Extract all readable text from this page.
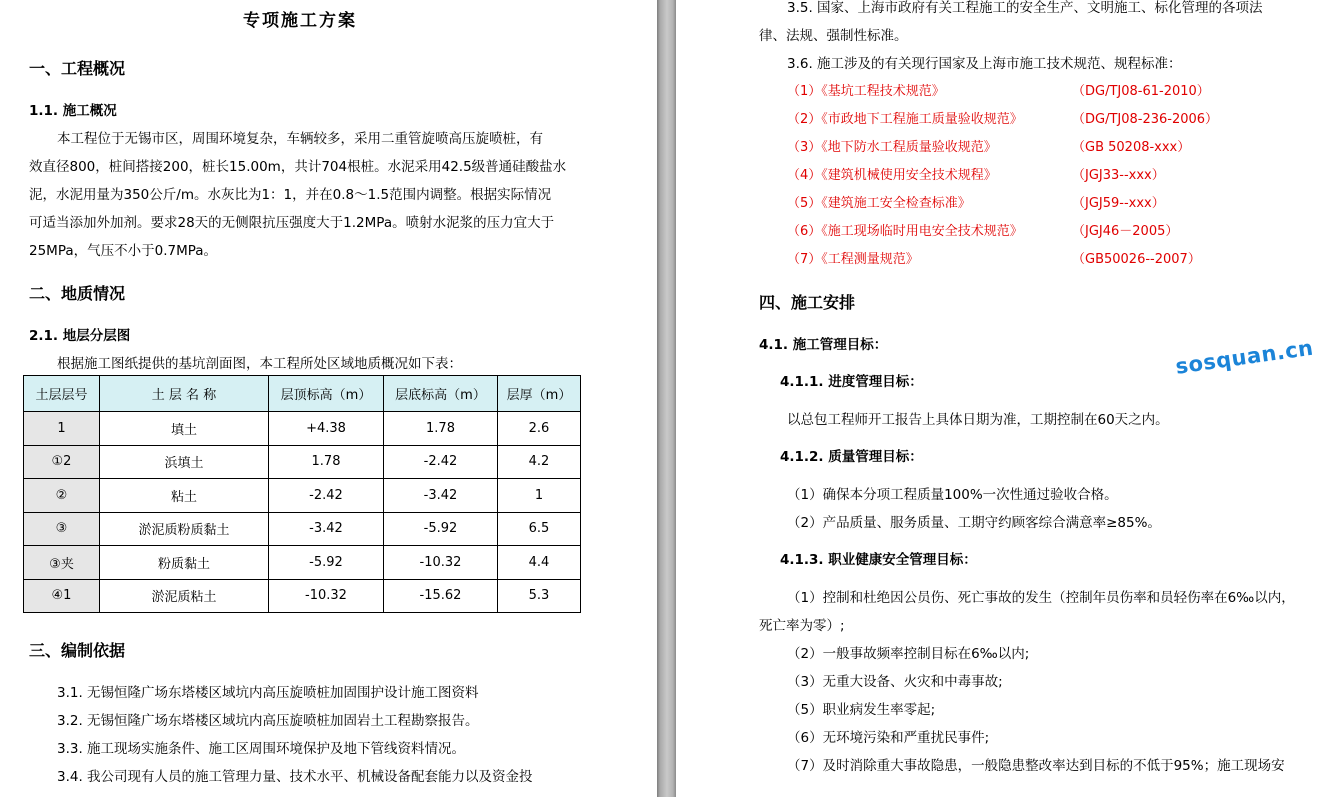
专项施工方案
一、工程概况
1.1. 施工概况
本工程位于无锡市区，周围环境复杂，车辆较多，采用二重管旋喷高压旋喷桩，有
效直径800，桩间搭接200，桩长15.00m，共计704根桩。水泥采用42.5级普通硅酸盐水
泥，水泥用量为350公斤/m。水灰比为1：1，并在0.8～1.5范围内调整。根据实际情况
可适当添加外加剂。要求28天的无侧限抗压强度大于1.2MPa。喷射水泥浆的压力宜大于
25MPa，气压不小于0.7MPa。
二、地质情况
2.1. 地层分层图
根据施工图纸提供的基坑剖面图，本工程所处区域地质概况如下表：
土层层号	土 层 名 称	层顶标高（m）	层底标高（m）	层厚（m）
1	填土	+4.38	1.78	2.6
①2	浜填土	1.78	-2.42	4.2
②	粘土	-2.42	-3.42	1
③	淤泥质粉质黏土	-3.42	-5.92	6.5
③夹	粉质黏土	-5.92	-10.32	4.4
④1	淤泥质粘土	-10.32	-15.62	5.3
三、编制依据
3.1. 无锡恒隆广场东塔楼区域坑内高压旋喷桩加固围护设计施工图资料
3.2. 无锡恒隆广场东塔楼区域坑内高压旋喷桩加固岩土工程勘察报告。
3.3. 施工现场实施条件、施工区周围环境保护及地下管线资料情况。
3.4. 我公司现有人员的施工管理力量、技术水平、机械设备配套能力以及资金投
3.5. 国家、上海市政府有关工程施工的安全生产、文明施工、标化管理的各项法
律、法规、强制性标准。
3.6. 施工涉及的有关现行国家及上海市施工技术规范、规程标准：
（1）《基坑工程技术规范》	（DG/TJ08-61-2010）
（2）《市政地下工程施工质量验收规范》	（DG/TJ08-236-2006）
（3）《地下防水工程质量验收规范》	（GB 50208-xxx）
（4）《建筑机械使用安全技术规程》	（JGJ33--xxx）
（5）《建筑施工安全检查标准》	（JGJ59--xxx）
（6）《施工现场临时用电安全技术规范》	（JGJ46－2005）
（7）《工程测量规范》	（GB50026--2007）
四、施工安排
4.1. 施工管理目标：
4.1.1. 进度管理目标：
以总包工程师开工报告上具体日期为准，工期控制在60天之内。
4.1.2. 质量管理目标：
（1）确保本分项工程质量100%一次性通过验收合格。
（2）产品质量、服务质量、工期守约顾客综合满意率≥85%。
4.1.3. 职业健康安全管理目标：
（1）控制和杜绝因公员伤、死亡事故的发生（控制年员伤率和员轻伤率在6‰以内，
死亡率为零）;
（2）一般事故频率控制目标在6‰以内;
（3）无重大设备、火灾和中毒事故;
（5）职业病发生率零起;
（6）无环境污染和严重扰民事件;
（7）及时消除重大事故隐患，一般隐患整改率达到目标的不低于95%；施工现场安
sosquan.cn
